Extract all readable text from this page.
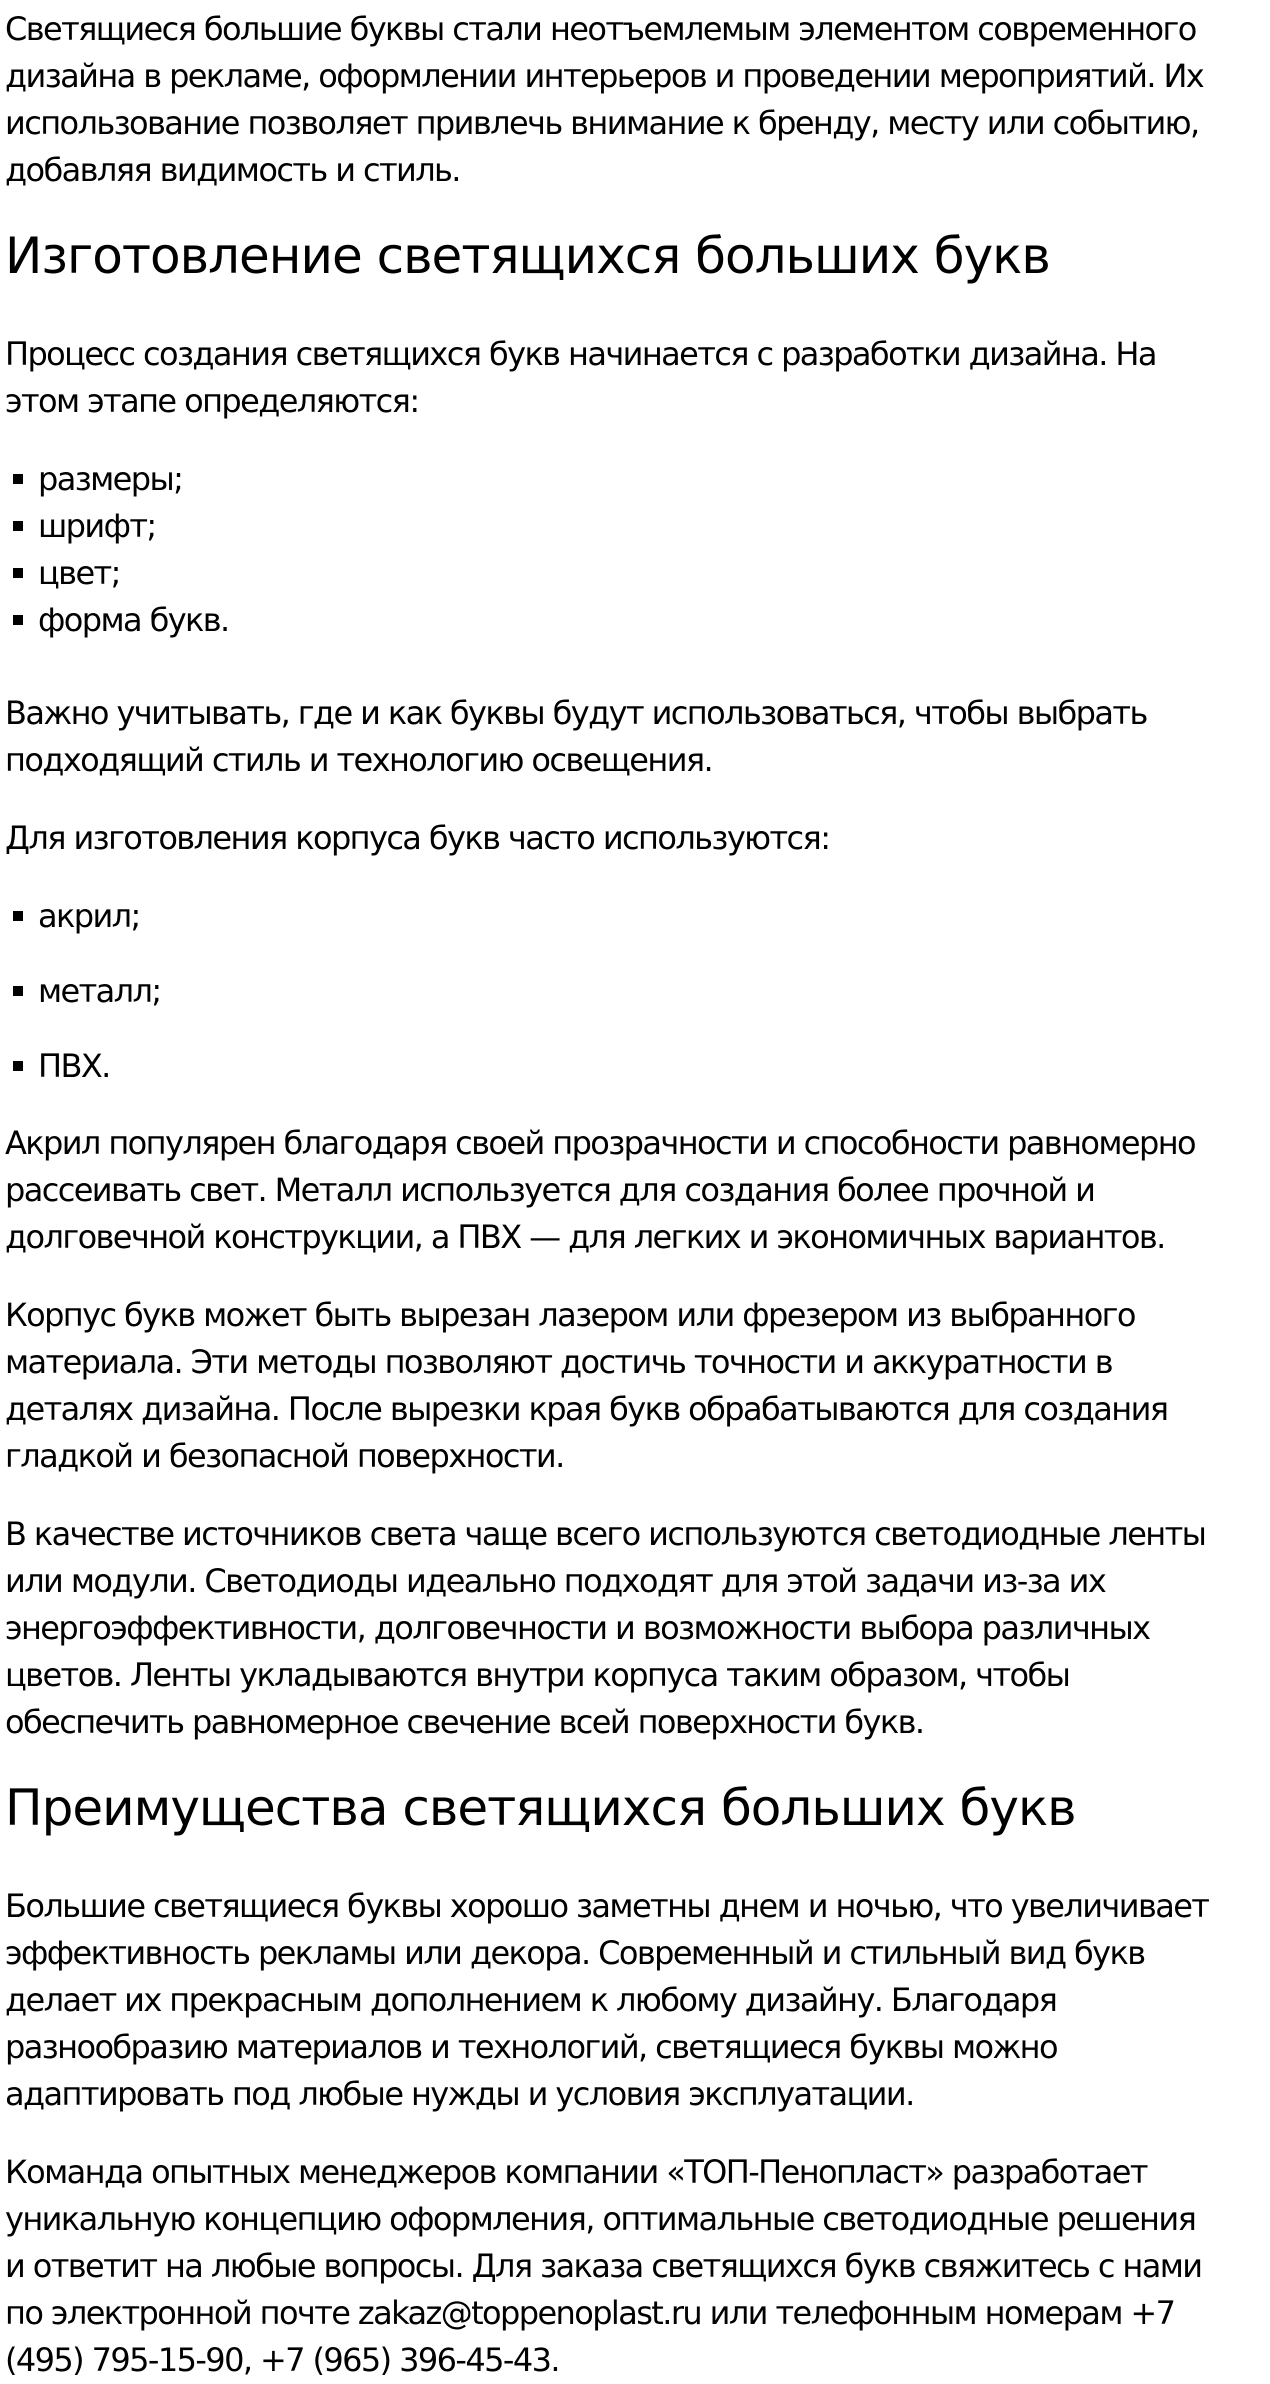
Светящиеся большие буквы стали неотъемлемым элементом современного дизайна в рекламе, оформлении интерьеров и проведении мероприятий. Их использование позволяет привлечь внимание к бренду, месту или событию, добавляя видимость и стиль.

Изготовление светящихся больших букв

Процесс создания светящихся букв начинается с разработки дизайна. На этом этапе определяются:

размеры;
шрифт;
цвет;
форма букв.

Важно учитывать, где и как буквы будут использоваться, чтобы выбрать подходящий стиль и технологию освещения.

Для изготовления корпуса букв часто используются:

акрил;
металл;
ПВХ.

Акрил популярен благодаря своей прозрачности и способности равномерно рассеивать свет. Металл используется для создания более прочной и долговечной конструкции, а ПВХ — для легких и экономичных вариантов.

Корпус букв может быть вырезан лазером или фрезером из выбранного материала. Эти методы позволяют достичь точности и аккуратности в деталях дизайна. После вырезки края букв обрабатываются для создания гладкой и безопасной поверхности.

В качестве источников света чаще всего используются светодиодные ленты или модули. Светодиоды идеально подходят для этой задачи из-за их энергоэффективности, долговечности и возможности выбора различных цветов. Ленты укладываются внутри корпуса таким образом, чтобы обеспечить равномерное свечение всей поверхности букв.

Преимущества светящихся больших букв

Большие светящиеся буквы хорошо заметны днем и ночью, что увеличивает эффективность рекламы или декора. Современный и стильный вид букв делает их прекрасным дополнением к любому дизайну. Благодаря разнообразию материалов и технологий, светящиеся буквы можно адаптировать под любые нужды и условия эксплуатации.

Команда опытных менеджеров компании «ТОП-Пенопласт» разработает уникальную концепцию оформления, оптимальные светодиодные решения и ответит на любые вопросы. Для заказа светящихся букв свяжитесь с нами по электронной почте zakaz@toppenoplast.ru или телефонным номерам +7 (495) 795-15-90, +7 (965) 396-45-43.
